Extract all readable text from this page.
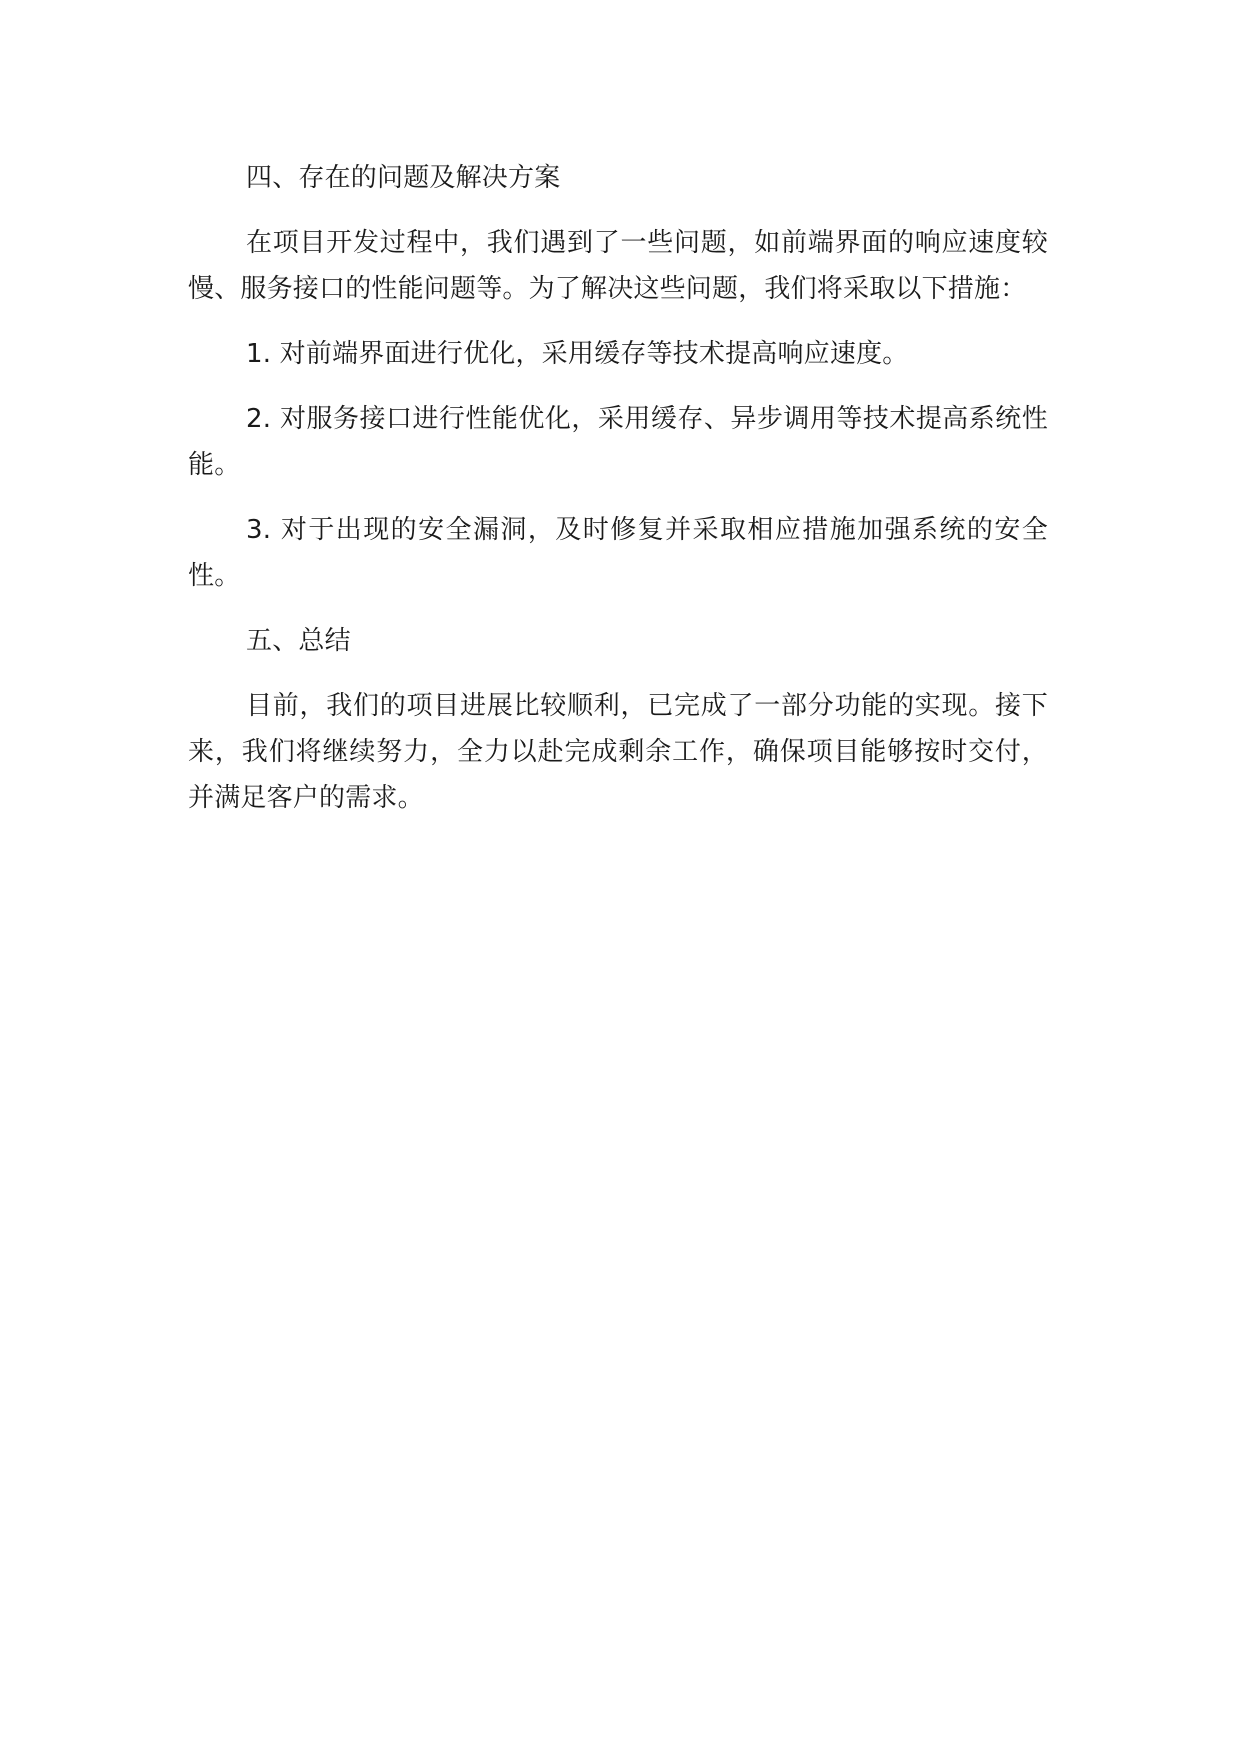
四、存在的问题及解决方案

在项目开发过程中，我们遇到了一些问题，如前端界面的响应速度较慢、服务接口的性能问题等。为了解决这些问题，我们将采取以下措施：

1. 对前端界面进行优化，采用缓存等技术提高响应速度。

2. 对服务接口进行性能优化，采用缓存、异步调用等技术提高系统性能。

3. 对于出现的安全漏洞，及时修复并采取相应措施加强系统的安全性。

五、总结

目前，我们的项目进展比较顺利，已完成了一部分功能的实现。接下来，我们将继续努力，全力以赴完成剩余工作，确保项目能够按时交付，并满足客户的需求。
